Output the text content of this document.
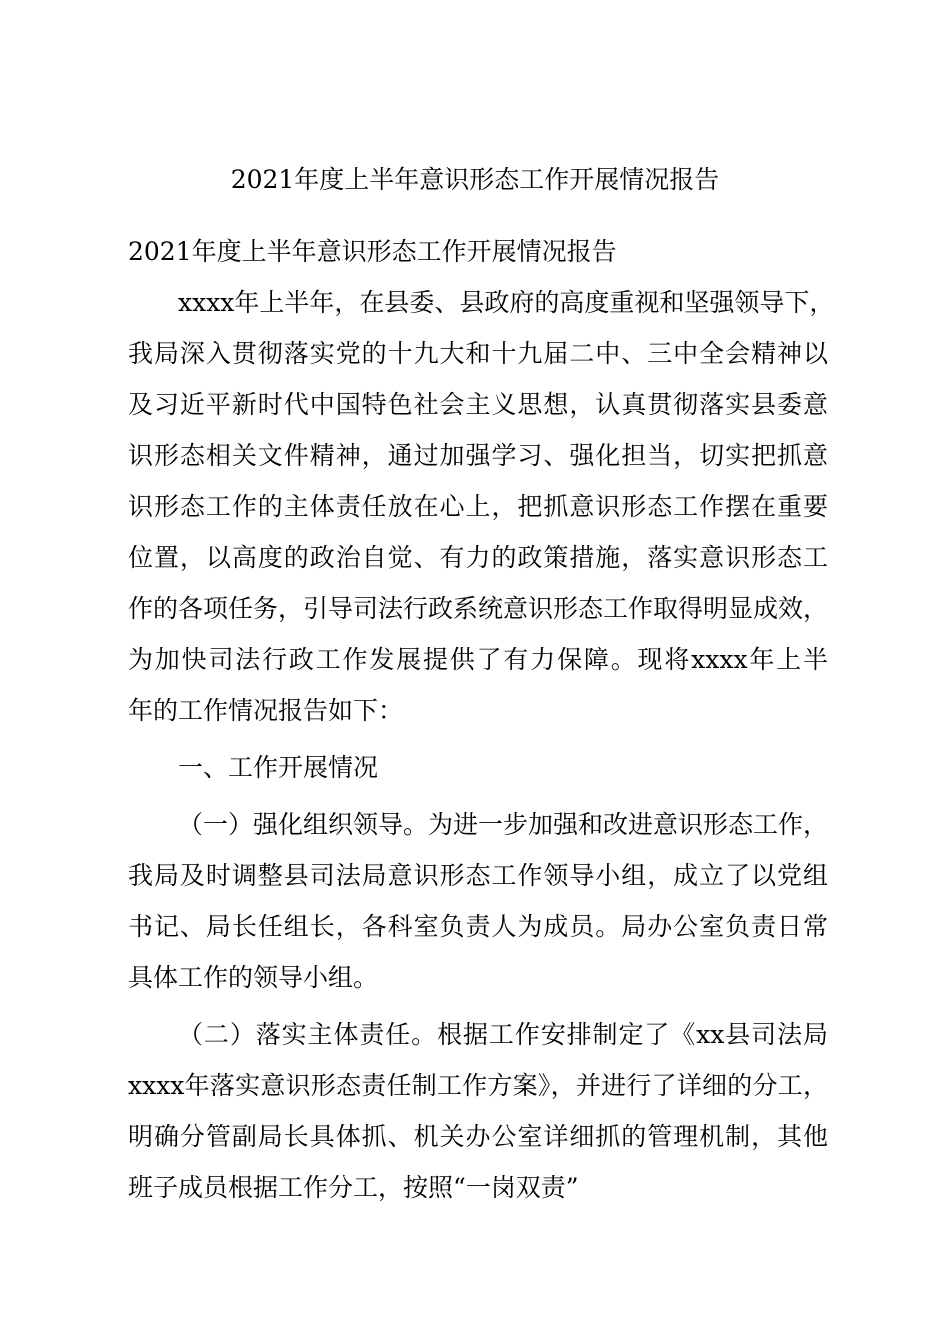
2021年度上半年意识形态工作开展情况报告
2021年度上半年意识形态工作开展情况报告
xxxx年上半年，在县委、县政府的高度重视和坚强领导下，
我局深入贯彻落实党的十九大和十九届二中、三中全会精神以
及习近平新时代中国特色社会主义思想，认真贯彻落实县委意
识形态相关文件精神，通过加强学习、强化担当，切实把抓意
识形态工作的主体责任放在心上，把抓意识形态工作摆在重要
位置，以高度的政治自觉、有力的政策措施，落实意识形态工
作的各项任务，引导司法行政系统意识形态工作取得明显成效，
为加快司法行政工作发展提供了有力保障。现将xxxx年上半
年的工作情况报告如下：
一、工作开展情况
（一）强化组织领导。为进一步加强和改进意识形态工作，
我局及时调整县司法局意识形态工作领导小组，成立了以党组
书记、局长任组长，各科室负责人为成员。局办公室负责日常
具体工作的领导小组。
（二）落实主体责任。根据工作安排制定了《xx县司法局
xxxx年落实意识形态责任制工作方案》，并进行了详细的分工，
明确分管副局长具体抓、机关办公室详细抓的管理机制，其他
班子成员根据工作分工，按照“一岗双责”
